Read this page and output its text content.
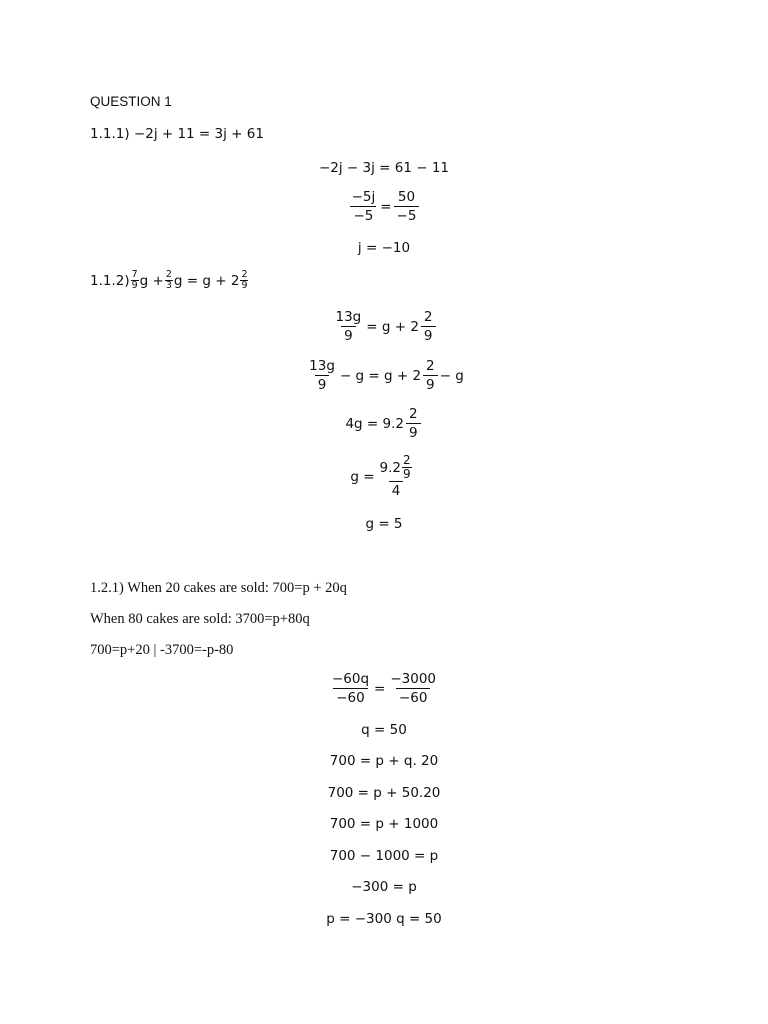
QUESTION 1
1.1.1) −2j + 11 = 3j + 61
−2j − 3j = 61 − 11
$\frac{-5j}{-5} = \frac{50}{-5}$
j = −10
$1.1.2) \frac{7}{9}$ $g + \frac{2}{3}$ $g = g + 2 \frac{2}{9}$
$\frac{13g}{9} = g + 2 \frac{2}{9}$
$\frac{13g}{9} - g = g + 2 \frac{2}{9} - g$
$4g = 9.2 \frac{2}{9}$
$g = \frac{9.2 \frac{2}{9}}{4}$
g = 5
1.2.1) When 20 cakes are sold: 700=p + 20q
When 80 cakes are sold: 3700=p+80q
700=p+20 | -3700=-p-80
$\frac{-60q}{-60} = \frac{-3000}{-60}$
q = 50
700 = p + q. 20
700 = p + 50.20
700 = p + 1000
700 − 1000 = p
−300 = p
p = −300 q = 50
